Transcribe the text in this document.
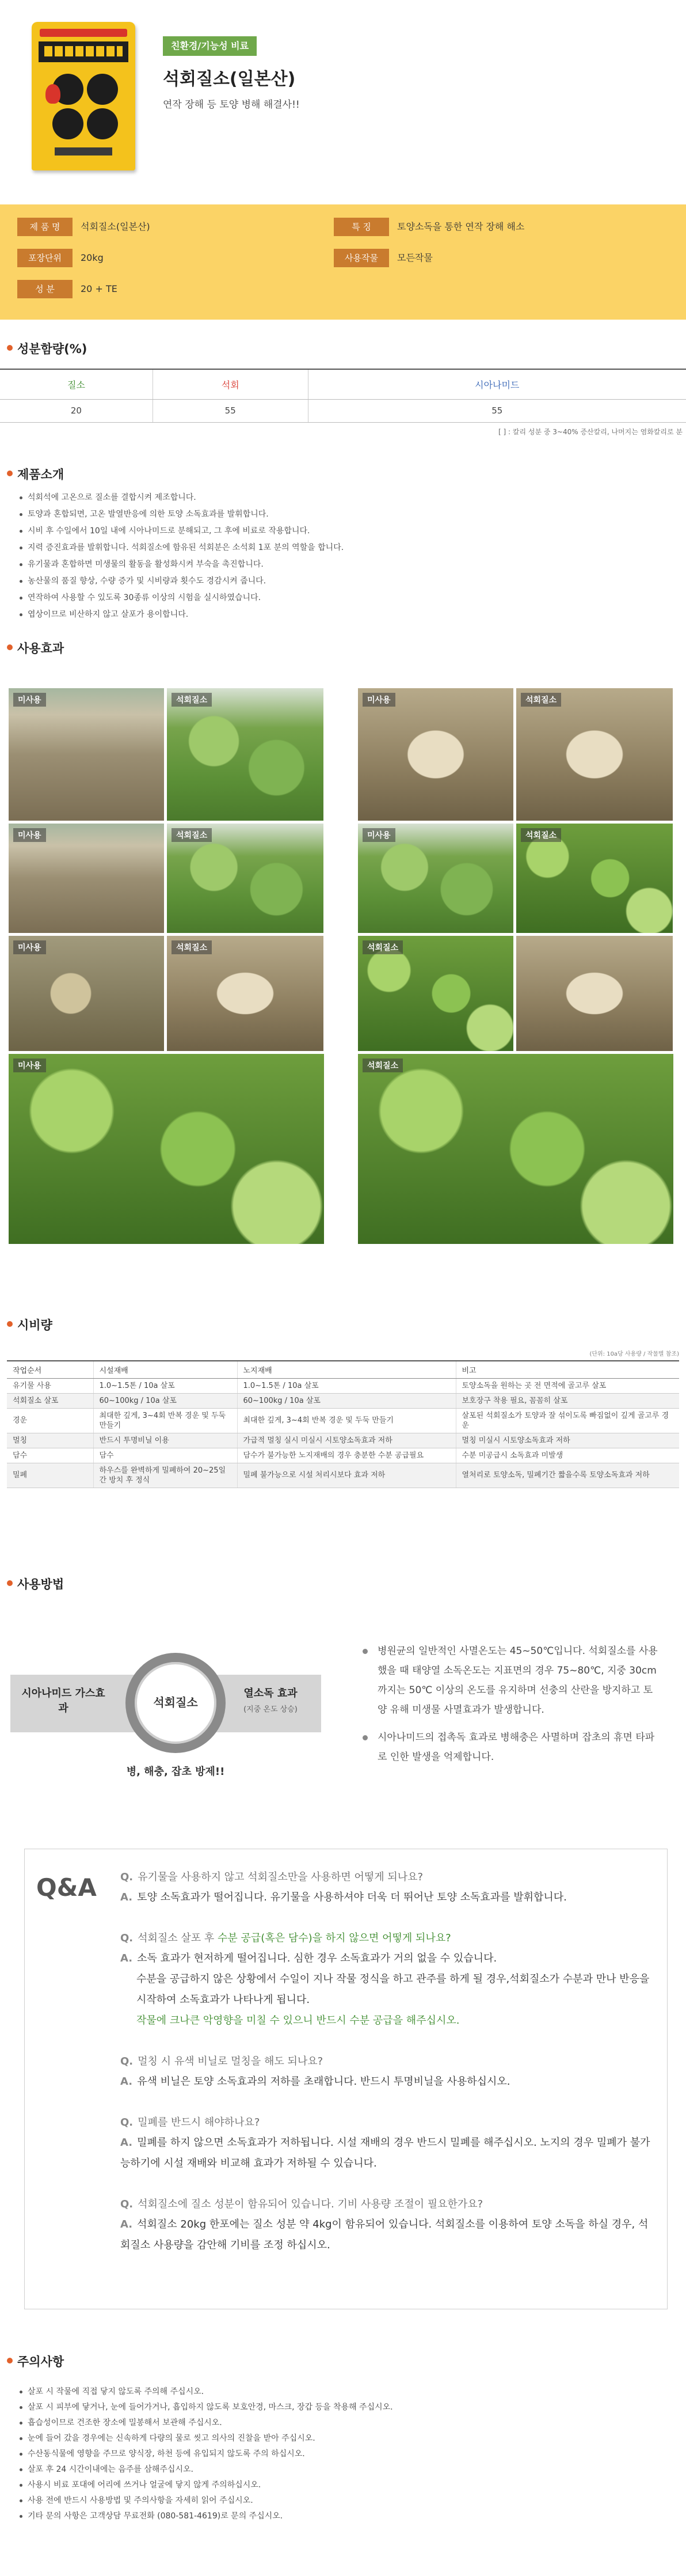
친환경/기능성 비료
석회질소(일본산)
연작 장해 등 토양 병해 해결사!!
제 품 명	석회질소(일본산)
포장단위	20kg
성 분	20 + TE
특 징	토양소독을 통한 연작 장해 해소
사용작물	모든작물
성분함량(%)
질소	석회	시아나미드
20	55	55
[ ] : 칼리 성분 중 3~40% 증산칼리, 나머지는 염화칼리로 분
제품소개
석회석에 고온으로 질소를 결합시켜 제조합니다.
토양과 혼합되면, 고온 발열반응에 의한 토양 소독효과를 발휘합니다.
시비 후 수일에서 10일 내에 시아나미드로 분해되고, 그 후에 비료로 작용합니다.
지력 증진효과를 발휘합니다. 석회질소에 함유된 석회분은 소석회 1포 분의 역할을 합니다.
유기물과 혼합하면 미생물의 활동을 활성화시켜 부숙을 촉진합니다.
농산물의 품질 향상, 수량 증가 및 시비량과 횟수도 경감시켜 줍니다.
연작하여 사용할 수 있도록 30종류 이상의 시험을 실시하였습니다.
엽상이므로 비산하지 않고 살포가 용이합니다.
사용효과
미사용	석회질소
미사용	석회질소
미사용	석회질소
미사용
미사용	석회질소
미사용	석회질소
석회질소
석회질소
시비량
(단위: 10a당 사용량 / 작물별 참조)
작업순서	시설재배	노지재배	비고
유기물 사용	1.0~1.5톤 / 10a 살포	1.0~1.5톤 / 10a 살포	토양소독을 원하는 곳 전 면적에 골고루 살포
석회질소 살포	60~100kg / 10a 살포	60~100kg / 10a 살포	보호장구 착용 필요, 꼼꼼히 살포
경운	최대한 깊게, 3~4회 반복 경운 및 두둑 만들기	최대한 깊게, 3~4회 반복 경운 및 두둑 만들기	살포된 석회질소가 토양과 잘 섞이도록 빠짐없이 깊게 골고루 경운
멀칭	반드시 투명비닐 이용	가급적 멀칭 실시 미실시 시토양소독효과 저하	멀칭 미실시 시토양소독효과 저하
담수	담수	담수가 불가능한 노지재배의 경우 충분한 수분 공급필요	수분 미공급시 소독효과 미발생
밀폐	하우스를 완벽하게 밀폐하여 20~25일간 방치 후 정식	밀폐 불가능으로 시설 처리시보다 효과 저하	열처리로 토양소독, 밀폐기간 짧을수록 토양소독효과 저하
사용방법
시아나미드 가스효과
열소독 효과
(지중 온도 상승)
석회질소
병, 해충, 잡초 방제!!
병원균의 일반적인 사멸온도는 45~50℃입니다. 석회질소를 사용했을 때 태양열 소독온도는 지표면의 경우 75~80℃, 지중 30cm까지는 50℃ 이상의 온도를 유지하며 선충의 산란을 방지하고 토양 유해 미생물 사멸효과가 발생합니다.
시아나미드의 접촉독 효과로 병해충은 사멸하며 잡초의 휴면 타파로 인한 발생을 억제합니다.
Q&A Q. 유기물을 사용하지 않고 석회질소만을 사용하면 어떻게 되나요?

A. 토양 소독효과가 떨어집니다. 유기물을 사용하셔야 더욱 더 뛰어난 토양 소독효과를 발휘합니다.

Q. 석회질소 살포 후 수분 공급(혹은 담수)을 하지 않으면 어떻게 되나요?

A. 소독 효과가 현저하게 떨어집니다. 심한 경우 소독효과가 거의 없을 수 있습니다.

수분을 공급하지 않은 상황에서 수일이 지나 작물 정식을 하고 관주를 하게 될 경우,석회질소가 수분과 만나 반응을 시작하여 소독효과가 나타나게 됩니다.

작물에 크나큰 악영향을 미칠 수 있으니 반드시 수분 공급을 해주십시오.

Q. 멀칭 시 유색 비닐로 멀칭을 해도 되나요?

A. 유색 비닐은 토양 소독효과의 저하를 초래합니다. 반드시 투명비닐을 사용하십시오.

Q. 밀폐를 반드시 해야하나요?

A. 밀폐를 하지 않으면 소독효과가 저하됩니다. 시설 재배의 경우 반드시 밀폐를 해주십시오. 노지의 경우 밀폐가 불가능하기에 시설 재배와 비교해 효과가 저하될 수 있습니다.

Q. 석회질소에 질소 성분이 함유되어 있습니다. 기비 사용량 조절이 필요한가요?

A. 석회질소 20kg 한포에는 질소 성분 약 4kg이 함유되어 있습니다. 석회질소를 이용하여 토양 소독을 하실 경우, 석회질소 사용량을 감안해 기비를 조정 하십시오.

주의사항
살포 시 작물에 직접 닿지 않도록 주의해 주십시오.
살포 시 피부에 닿거나, 눈에 들어가거나, 흡입하지 않도록 보호안경, 마스크, 장갑 등을 착용해 주십시오.
흡습성이므로 건조한 장소에 밀봉해서 보관해 주십시오.
눈에 들어 갔을 경우에는 신속하게 다량의 물로 씻고 의사의 진찰을 받아 주십시오.
수산동식물에 영향을 주므로 양식장, 하천 등에 유입되지 않도록 주의 하십시오.
살포 후 24 시간이내에는 음주를 삼해주십시오.
사용시 비료 포대에 어리에 쓰거나 얼굴에 닿지 않게 주의하십시오.
사용 전에 반드시 사용방법 및 주의사항을 자세히 읽어 주십시오.
기타 문의 사항은 고객상담 무료전화 (080-581-4619)로 문의 주십시오.
